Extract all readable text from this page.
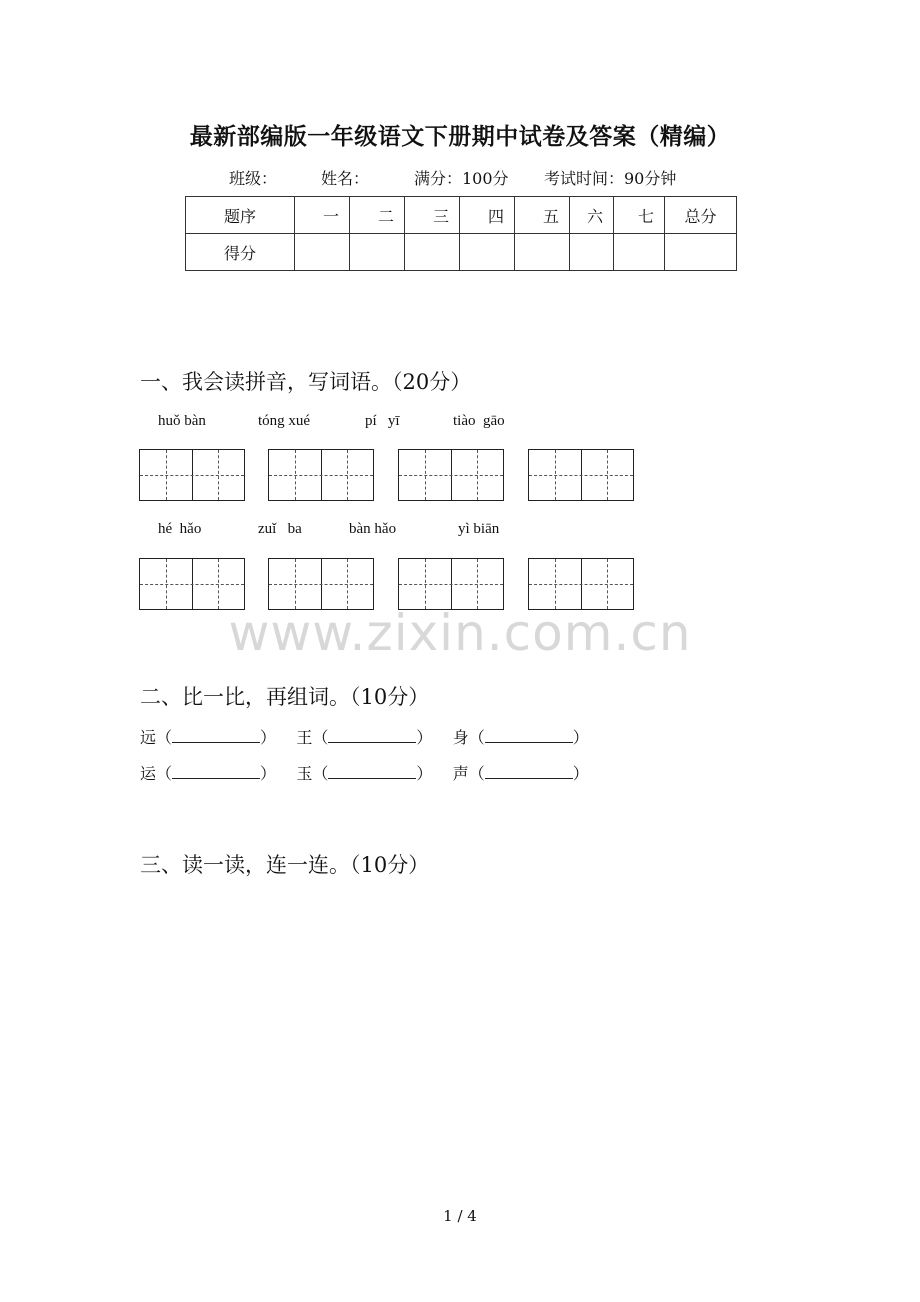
最新部编版一年级语文下册期中试卷及答案（精编）
班级：	姓名：	满分：100分 考试时间：90分钟
题序	一	二	三	四	五	六	七	总分
得分								
一、我会读拼音，写词语。（20分）
huǒ bàn	tóng xué	pí yī	tiào gāo
hé hǎo	zuǐ ba	bàn hǎo	yì biān
www.zixin.com.cn
二、比一比，再组词。（10分）
远（	） 王（	） 身（	）
运（	） 玉（	） 声（	）
三、读一读，连一连。（10分）
1 / 4
